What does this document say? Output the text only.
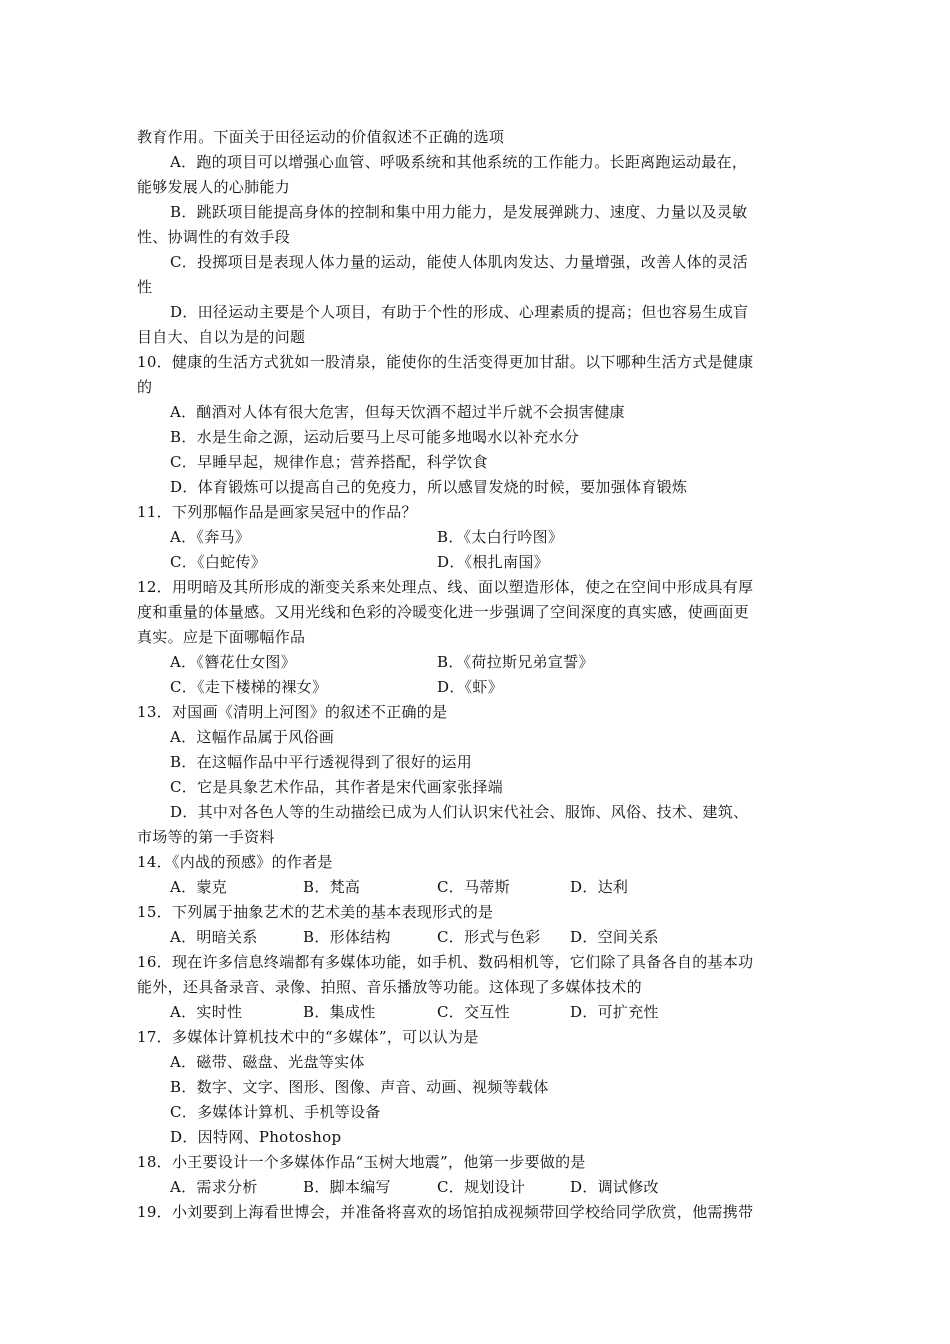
教育作用。下面关于田径运动的价值叙述不正确的选项
A．跑的项目可以增强心血管、呼吸系统和其他系统的工作能力。长距离跑运动最在，
能够发展人的心肺能力
B．跳跃项目能提高身体的控制和集中用力能力，是发展弹跳力、速度、力量以及灵敏
性、协调性的有效手段
C．投掷项目是表现人体力量的运动，能使人体肌肉发达、力量增强，改善人体的灵活
性
D．田径运动主要是个人项目，有助于个性的形成、心理素质的提高；但也容易生成盲
目自大、自以为是的问题
10．健康的生活方式犹如一股清泉，能使你的生活变得更加甘甜。以下哪种生活方式是健康
的
A．酗酒对人体有很大危害，但每天饮酒不超过半斤就不会损害健康
B．水是生命之源，运动后要马上尽可能多地喝水以补充水分
C．早睡早起，规律作息；营养搭配，科学饮食
D．体育锻炼可以提高自己的免疫力，所以感冒发烧的时候，要加强体育锻炼
11．下列那幅作品是画家吴冠中的作品？
A．《奔马》	B．《太白行吟图》
C．《白蛇传》	D．《根扎南国》
12．用明暗及其所形成的渐变关系来处理点、线、面以塑造形体，使之在空间中形成具有厚
度和重量的体量感。又用光线和色彩的冷暖变化进一步强调了空间深度的真实感，使画面更
真实。应是下面哪幅作品
A．《簪花仕女图》	B．《荷拉斯兄弟宣誓》
C．《走下楼梯的裸女》	D．《虾》
13．对国画《清明上河图》的叙述不正确的是
A．这幅作品属于风俗画
B．在这幅作品中平行透视得到了很好的运用
C．它是具象艺术作品，其作者是宋代画家张择端
D．其中对各色人等的生动描绘已成为人们认识宋代社会、服饰、风俗、技术、建筑、
市场等的第一手资料
14．《内战的预感》的作者是
A．蒙克	B．梵高	C．马蒂斯	D．达利
15．下列属于抽象艺术的艺术美的基本表现形式的是
A．明暗关系	B．形体结构	C．形式与色彩 D．空间关系
16．现在许多信息终端都有多媒体功能，如手机、数码相机等，它们除了具备各自的基本功
能外，还具备录音、录像、拍照、音乐播放等功能。这体现了多媒体技术的
A．实时性	B．集成性	C．交互性	D．可扩充性
17．多媒体计算机技术中的“多媒体”，可以认为是
A．磁带、磁盘、光盘等实体
B．数字、文字、图形、图像、声音、动画、视频等载体
C．多媒体计算机、手机等设备
D．因特网、Photoshop
18．小王要设计一个多媒体作品“玉树大地震”，他第一步要做的是
A．需求分析	B．脚本编写	C．规划设计	D．调试修改
19．小刘要到上海看世博会，并准备将喜欢的场馆拍成视频带回学校给同学欣赏，他需携带
